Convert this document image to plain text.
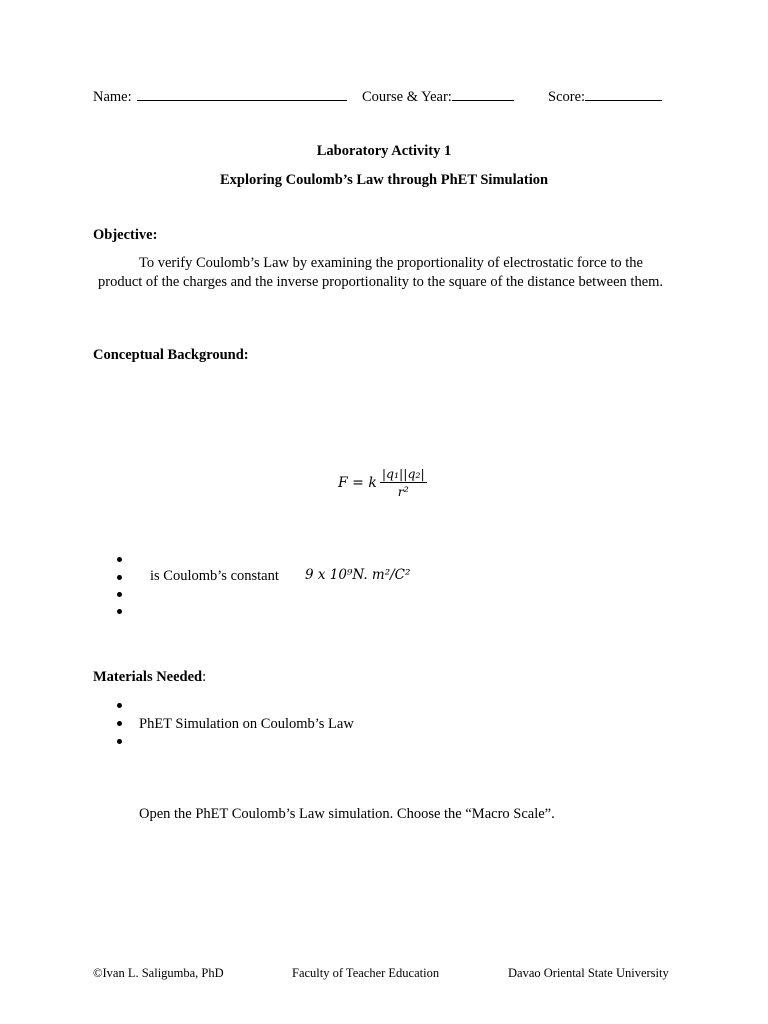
Name:	Course & Year:	Score:
Laboratory Activity 1
Exploring Coulomb’s Law through PhET Simulation
Objective:
To verify Coulomb’s Law by examining the proportionality of electrostatic force to the product of the charges and the inverse proportionality to the square of the distance between them.
Conceptual Background:
F = k $\frac{\text{|q₁||q₂|}}{\text{r²}}$
is Coulomb’s constant 9 x 10⁹N. m²/C²
Materials Needed:
PhET Simulation on Coulomb’s Law
Open the PhET Coulomb’s Law simulation. Choose the “Macro Scale”.
©Ivan L. Saligumba, PhD	Faculty of Teacher Education	Davao Oriental State University
